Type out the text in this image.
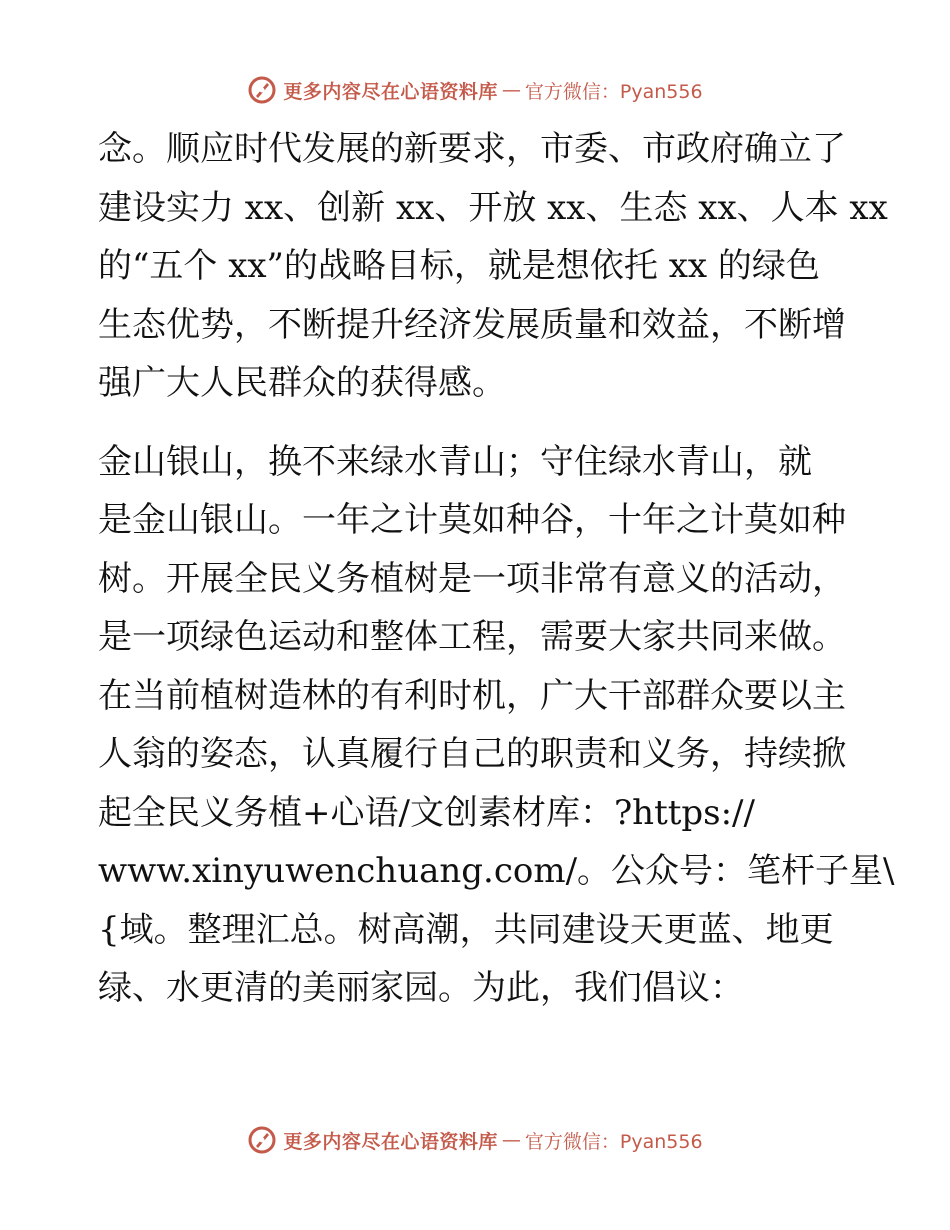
更多内容尽在心语资料库 — 官方微信：Pyan556
念。顺应时代发展的新要求，市委、市政府确立了
建设实力 xx、创新 xx、开放 xx、生态 xx、人本 xx
的“五个 xx”的战略目标，就是想依托 xx 的绿色
生态优势，不断提升经济发展质量和效益，不断增
强广大人民群众的获得感。
金山银山，换不来绿水青山；守住绿水青山，就
是金山银山。一年之计莫如种谷，十年之计莫如种
树。开展全民义务植树是一项非常有意义的活动，
是一项绿色运动和整体工程，需要大家共同来做。
在当前植树造林的有利时机，广大干部群众要以主
人翁的姿态，认真履行自己的职责和义务，持续掀
起全民义务植+心语/文创素材库：?https://
www.xinyuwenchuang.com/。公众号：笔杆子星\
{域。整理汇总。树高潮，共同建设天更蓝、地更
绿、水更清的美丽家园。为此，我们倡议：
更多内容尽在心语资料库 — 官方微信：Pyan556
